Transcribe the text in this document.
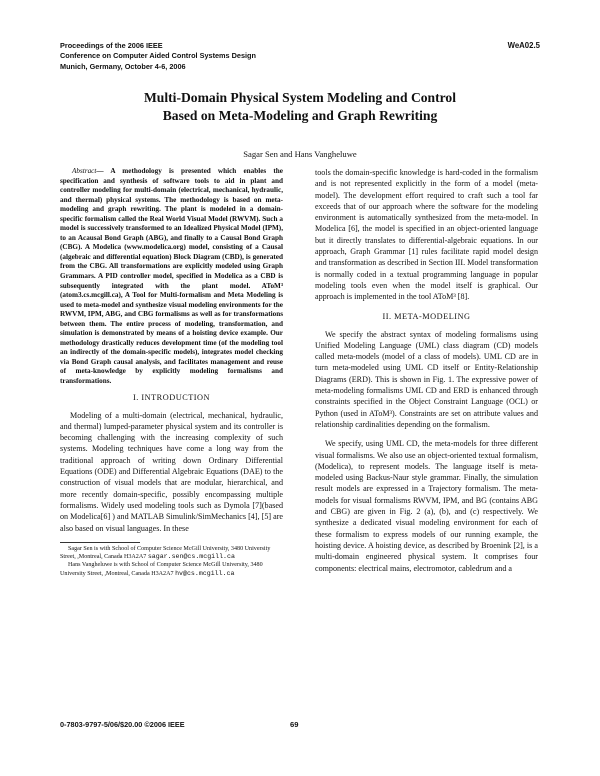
Proceedings of the 2006 IEEE
Conference on Computer Aided Control Systems Design
Munich, Germany, October 4-6, 2006
WeA02.5
Multi-Domain Physical System Modeling and Control
Based on Meta-Modeling and Graph Rewriting
Sagar Sen and Hans Vangheluwe

Abstract— A methodology is presented which enables the specification and synthesis of software tools to aid in plant and controller modeling for multi-domain (electrical, mechanical, hydraulic, and thermal) physical systems. The methodology is based on meta-modeling and graph rewriting. The plant is modeled in a domain-specific formalism called the Real World Visual Model (RWVM). Such a model is successively transformed to an Idealized Physical Model (IPM), to an Acausal Bond Graph (ABG), and finally to a Causal Bond Graph (CBG). A Modelica (www.modelica.org) model, consisting of a Causal (algebraic and differential equation) Block Diagram (CBD), is generated from the CBG. All transformations are explicitly modeled using Graph Grammars. A PID controller model, specified in Modelica as a CBD is subsequently integrated with the plant model. AToM³ (atom3.cs.mcgill.ca), A Tool for Multi-formalism and Meta Modeling is used to meta-model and synthesize visual modeling environments for the RWVM, IPM, ABG, and CBG formalisms as well as for transformations between them. The entire process of modeling, transformation, and simulation is demonstrated by means of a hoisting device example. Our methodology drastically reduces development time (of the modeling tool an indirectly of the domain-specific models), integrates model checking via Bond Graph causal analysis, and facilitates management and reuse of meta-knowledge by explicitly modeling formalisms and transformations.

I. INTRODUCTION

Modeling of a multi-domain (electrical, mechanical, hydraulic, and thermal) lumped-parameter physical system and its controller is becoming challenging with the increasing complexity of such systems. Modeling techniques have come a long way from the traditional approach of writing down Ordinary Differential Equations (ODE) and Differential Algebraic Equations (DAE) to the construction of visual models that are modular, hierarchical, and more recently domain-specific, possibly encompassing multiple formalisms. Widely used modeling tools such as Dymola [7](based on Modelica[6] ) and MATLAB Simulink/SimMechanics [4], [5] are also based on visual languages. In these

Sagar Sen is with School of Computer Science McGill University, 3480 University Street, ,Montreal, Canada H3A2A7 sagar.sen@cs.mcgill.ca

Hans Vangheluwe is with School of Computer Science McGill University, 3480 University Street, ,Montreal, Canada H3A2A7 hv@cs.mcgill.ca

tools the domain-specific knowledge is hard-coded in the formalism and is not represented explicitly in the form of a model (meta-model). The development effort required to craft such a tool far exceeds that of our approach where the software for the modeling environment is automatically synthesized from the meta-model. In Modelica [6], the model is specified in an object-oriented language but it directly translates to differential-algebraic equations. In our approach, Graph Grammar [1] rules facilitate rapid model design and transformation as described in Section III. Model transformation is normally coded in a textual programming language in popular modeling tools even when the model itself is graphical. Our approach is implemented in the tool AToM³ [8].

II. META-MODELING

We specify the abstract syntax of modeling formalisms using Unified Modeling Language (UML) class diagram (CD) models called meta-models (model of a class of models). UML CD are in turn meta-modeled using UML CD itself or Entity-Relationship Diagrams (ERD). This is shown in Fig. 1. The expressive power of meta-modeling formalisms UML CD and ERD is enhanced through constraints specified in the Object Constraint Language (OCL) or Python (used in AToM³). Constraints are set on attribute values and relationship cardinalities depending on the formalism.

We specify, using UML CD, the meta-models for three different visual formalisms. We also use an object-oriented textual formalism, (Modelica), to represent models. The language itself is meta-modeled using Backus-Naur style grammar. Finally, the simulation result models are expressed in a Trajectory formalism. The meta-models for visual formalisms RWVM, IPM, and BG (contains ABG and CBG) are given in Fig. 2 (a), (b), and (c) respectively. We synthesize a dedicated visual modeling environment for each of these formalism to express models of our running example, the hoisting device. A hoisting device, as described by Broenink [2], is a multi-domain engineered physical system. It comprises four components: electrical mains, electromotor, cabledrum and a

0-7803-9797-5/06/$20.00 ©2006 IEEE	69
